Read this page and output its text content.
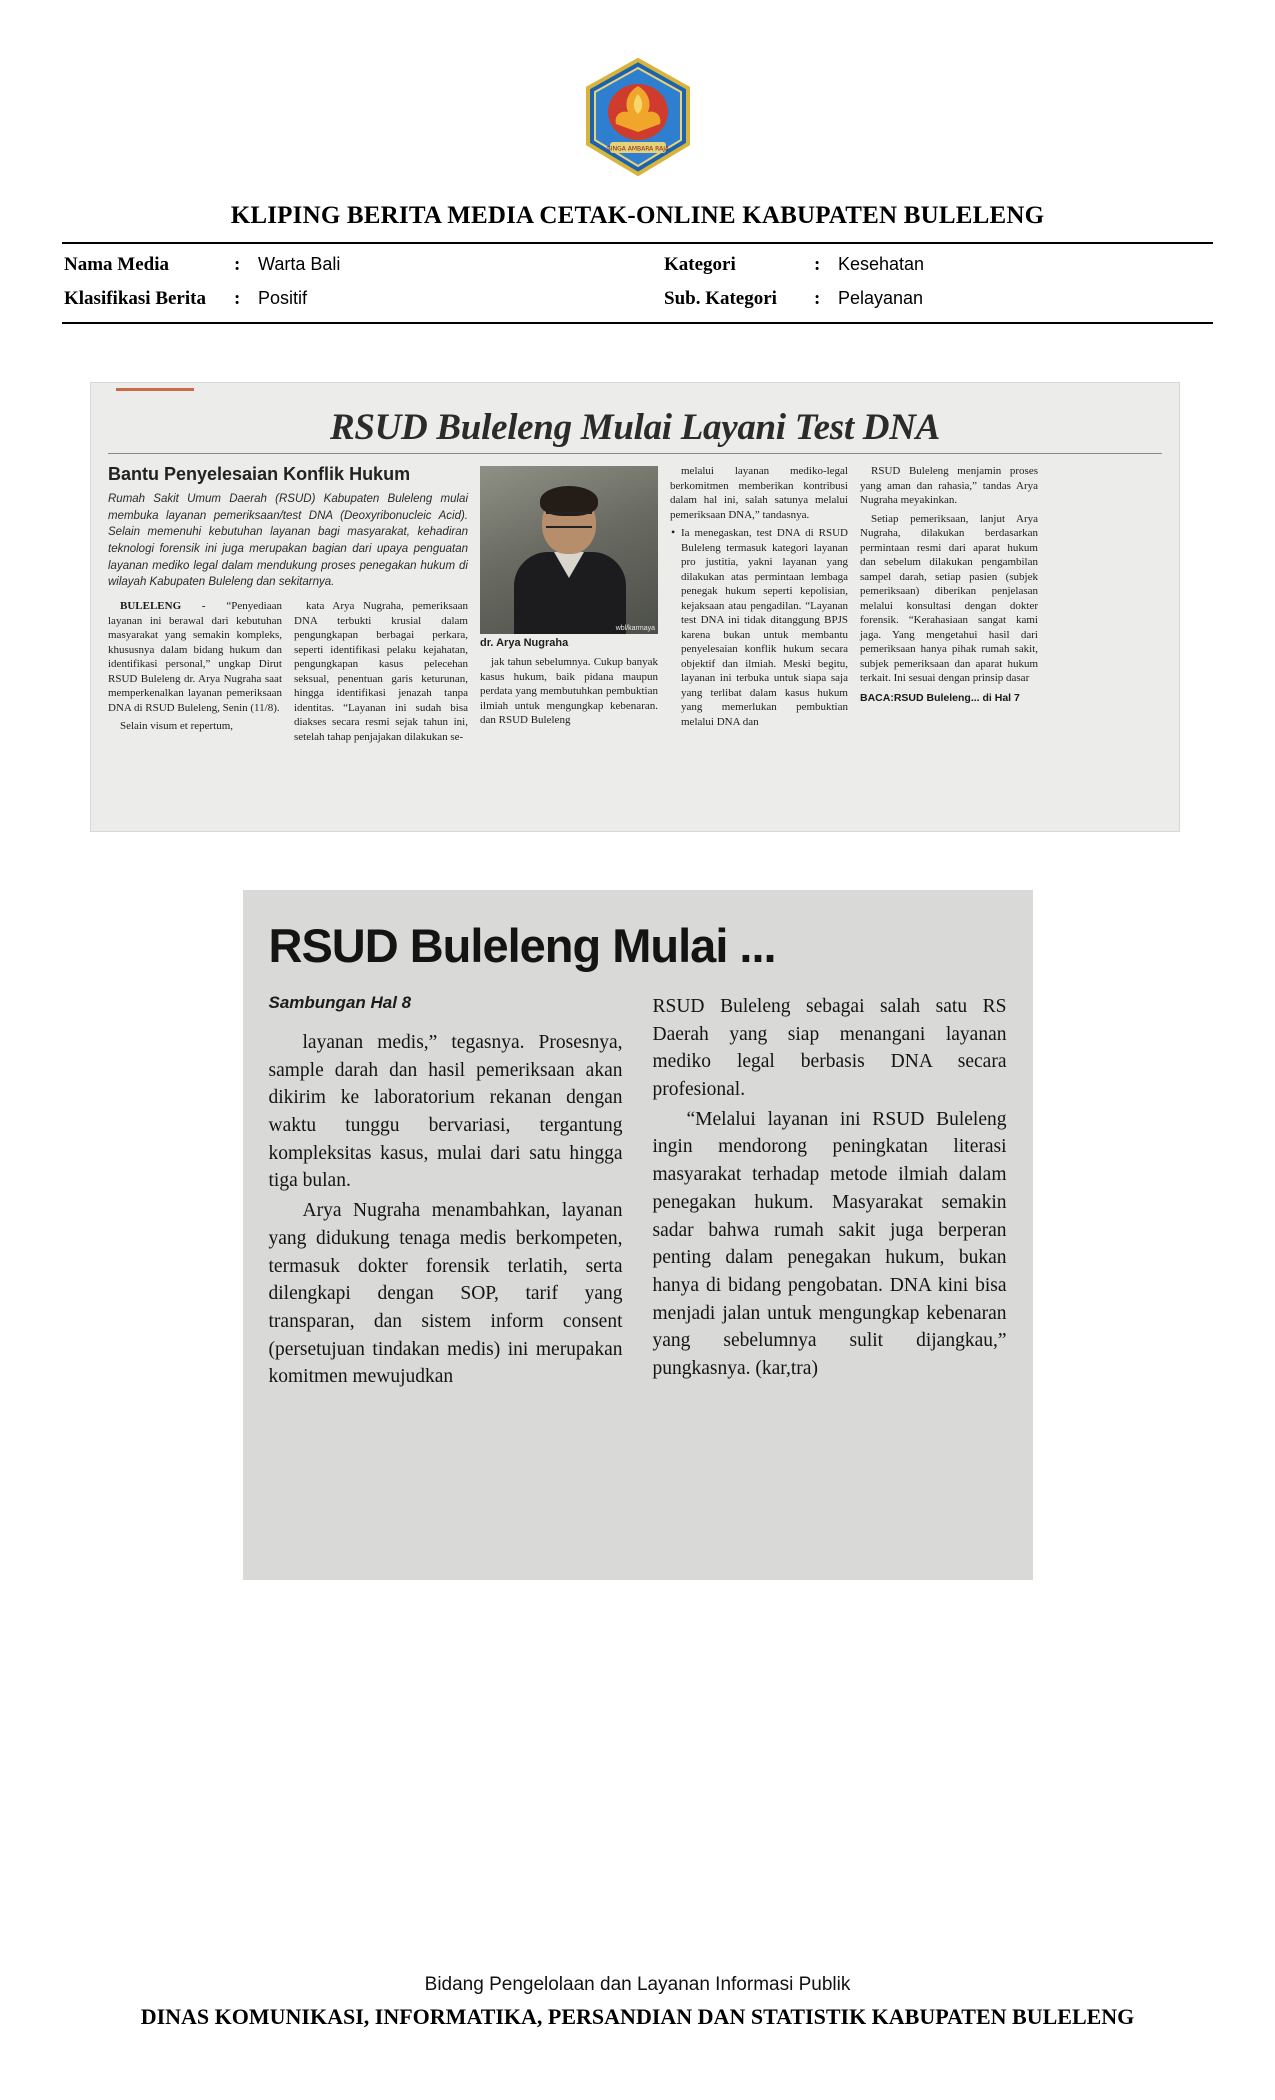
SINGA AMBARA RAJA
KLIPING BERITA MEDIA CETAK-ONLINE KABUPATEN BULELENG
Nama Media	: Warta Bali
Klasifikasi Berita	: Positif
Kategori	: Kesehatan
Sub. Kategori	: Pelayanan
RSUD Buleleng Mulai Layani Test DNA
Bantu Penyelesaian Konflik Hukum
Rumah Sakit Umum Daerah (RSUD) Kabupaten Buleleng mulai membuka layanan pemeriksaan/test DNA (Deoxyribonucleic Acid). Selain memenuhi kebutuhan layanan bagi masyarakat, kehadiran teknologi forensik ini juga merupakan bagian dari upaya penguatan layanan mediko legal dalam mendukung proses penegakan hukum di wilayah Kabupaten Buleleng dan sekitarnya.

BULELENG - “Penyediaan layanan ini berawal dari kebutuhan masyarakat yang semakin kompleks, khususnya dalam bidang hukum dan identifikasi personal,” ungkap Dirut RSUD Buleleng dr. Arya Nugraha saat memperkenalkan layanan pemeriksaan DNA di RSUD Buleleng, Senin (11/8).

Selain visum et repertum,

kata Arya Nugraha, pemeriksaan DNA terbukti krusial dalam pengungkapan berbagai perkara, seperti identifikasi pelaku kejahatan, pengungkapan kasus pelecehan seksual, penentuan garis keturunan, hingga identifikasi jenazah tanpa identitas. “Layanan ini sudah bisa diakses secara resmi sejak tahun ini, setelah tahap penjajakan dilakukan se-

wbl/karmaya
dr. Arya Nugraha

jak tahun sebelumnya. Cukup banyak kasus hukum, baik pidana maupun perdata yang membutuhkan pembuktian ilmiah untuk mengungkap kebenaran. dan RSUD Buleleng

melalui layanan mediko-legal berkomitmen memberikan kontribusi dalam hal ini, salah satunya melalui pemeriksaan DNA,” tandasnya.

• Ia menegaskan, test DNA di RSUD Buleleng termasuk kategori layanan pro justitia, yakni layanan yang dilakukan atas permintaan lembaga penegak hukum seperti kepolisian, kejaksaan atau pengadilan. “Layanan test DNA ini tidak ditanggung BPJS karena bukan untuk membantu penyelesaian konflik hukum secara objektif dan ilmiah. Meski begitu, layanan ini terbuka untuk siapa saja yang terlibat dalam kasus hukum yang memerlukan pembuktian melalui DNA dan

RSUD Buleleng menjamin proses yang aman dan rahasia,” tandas Arya Nugraha meyakinkan.

Setiap pemeriksaan, lanjut Arya Nugraha, dilakukan berdasarkan permintaan resmi dari aparat hukum dan sebelum dilakukan pengambilan sampel darah, setiap pasien (subjek pemeriksaan) diberikan penjelasan melalui konsultasi dengan dokter forensik. “Kerahasiaan sangat kami jaga. Yang mengetahui hasil dari pemeriksaan hanya pihak rumah sakit, subjek pemeriksaan dan aparat hukum terkait. Ini sesuai dengan prinsip dasar

BACA:RSUD Buleleng... di Hal 7
RSUD Buleleng Mulai ...
Sambungan Hal 8

layanan medis,” tegasnya. Prosesnya, sample darah dan hasil pemeriksaan akan dikirim ke laboratorium rekanan dengan waktu tunggu bervariasi, tergantung kompleksitas kasus, mulai dari satu hingga tiga bulan.

Arya Nugraha menambahkan, layanan yang didukung tenaga medis berkompeten, termasuk dokter forensik terlatih, serta dilengkapi dengan SOP, tarif yang transparan, dan sistem inform consent (persetujuan tindakan medis) ini merupakan komitmen mewujudkan

RSUD Buleleng sebagai salah satu RS Daerah yang siap menangani layanan mediko legal berbasis DNA secara profesional.

“Melalui layanan ini RSUD Buleleng ingin mendorong peningkatan literasi masyarakat terhadap metode ilmiah dalam penegakan hukum. Masyarakat semakin sadar bahwa rumah sakit juga berperan penting dalam penegakan hukum, bukan hanya di bidang pengobatan. DNA kini bisa menjadi jalan untuk mengungkap kebenaran yang sebelumnya sulit dijangkau,” pungkasnya. (kar,tra)

Bidang Pengelolaan dan Layanan Informasi Publik
DINAS KOMUNIKASI, INFORMATIKA, PERSANDIAN DAN STATISTIK KABUPATEN BULELENG
